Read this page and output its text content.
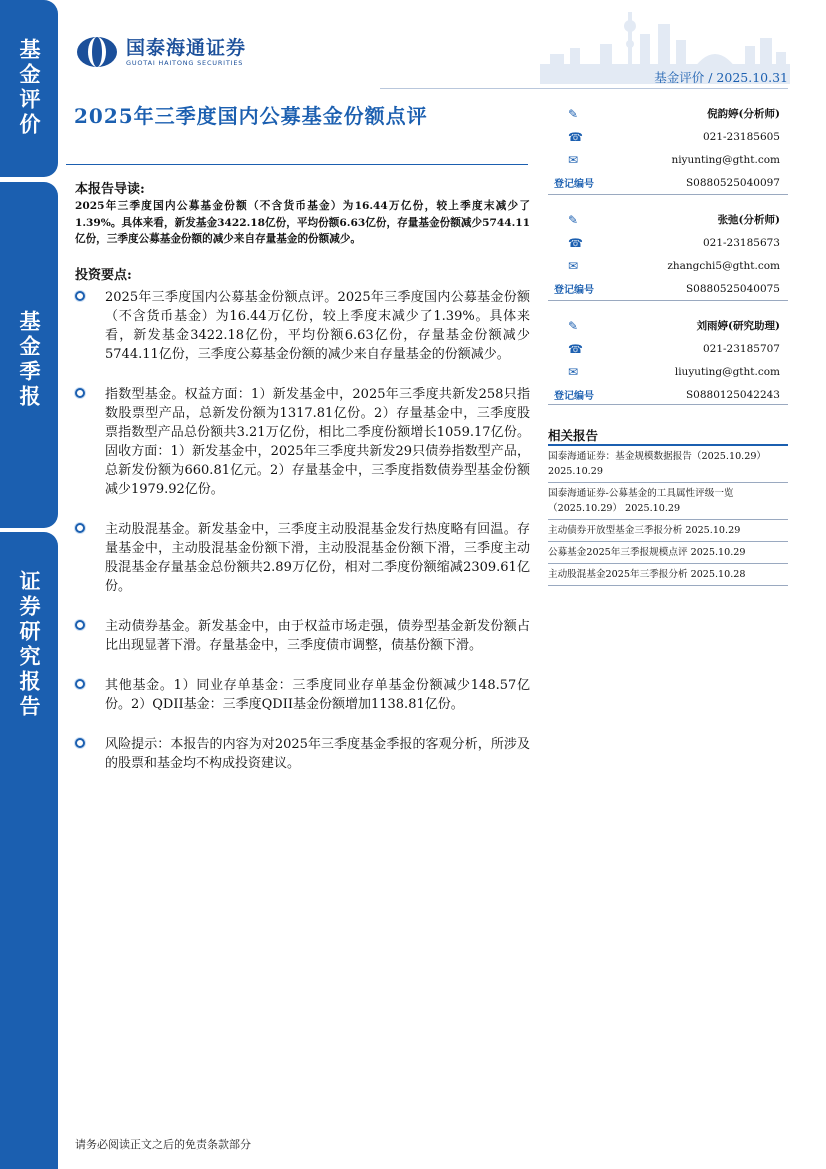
基金评价
基金季报
证券研究报告
国泰海通证券
GUOTAI HAITONG SECURITIES
基金评价 / 2025.10.31
2025年三季度国内公募基金份额点评
本报告导读:

2025年三季度国内公募基金份额（不含货币基金）为16.44万亿份，较上季度末减少了1.39%。具体来看，新发基金3422.18亿份，平均份额6.63亿份，存量基金份额减少5744.11亿份，三季度公募基金份额的减少来自存量基金的份额减少。

投资要点:

2025年三季度国内公募基金份额点评。2025年三季度国内公募基金份额（不含货币基金）为16.44万亿份，较上季度末减少了1.39%。具体来看，新发基金3422.18亿份，平均份额6.63亿份，存量基金份额减少 5744.11亿份，三季度公募基金份额的减少来自存量基金的份额减少。

指数型基金。权益方面：1）新发基金中，2025年三季度共新发258只指数股票型产品，总新发份额为1317.81亿份。2）存量基金中，三季度股票指数型产品总份额共3.21万亿份，相比二季度份额增长1059.17亿份。固收方面：1）新发基金中，2025年三季度共新发29只债券指数型产品，总新发份额为660.81亿元。2）存量基金中，三季度指数债券型基金份额减少1979.92亿份。

主动股混基金。新发基金中，三季度主动股混基金发行热度略有回温。存量基金中，主动股混基金份额下滑，主动股混基金份额下滑，三季度主动股混基金存量基金总份额共2.89万亿份，相对二季度份额缩减2309.61亿份。

主动债券基金。新发基金中，由于权益市场走强，债券型基金新发份额占比出现显著下滑。存量基金中，三季度债市调整，债基份额下滑。

其他基金。1）同业存单基金：三季度同业存单基金份额减少148.57亿份。2）QDII基金：三季度QDII基金份额增加1138.81亿份。

风险提示：本报告的内容为对2025年三季度基金季报的客观分析，所涉及的股票和基金均不构成投资建议。

✎	倪韵婷(分析师)
☎	021-23185605
✉	niyunting@gtht.com
登记编号	S0880525040097
✎	张弛(分析师)
☎	021-23185673
✉	zhangchi5@gtht.com
登记编号	S0880525040075
✎	刘雨婷(研究助理)
☎	021-23185707
✉	liuyuting@gtht.com
登记编号	S0880125042243
相关报告
国泰海通证券：基金规模数据报告（2025.10.29） 2025.10.29
国泰海通证券-公募基金的工具属性评级一览（2025.10.29） 2025.10.29
主动债券开放型基金三季报分析 2025.10.29
公募基金2025年三季报规模点评 2025.10.29
主动股混基金2025年三季报分析 2025.10.28
请务必阅读正文之后的免责条款部分
